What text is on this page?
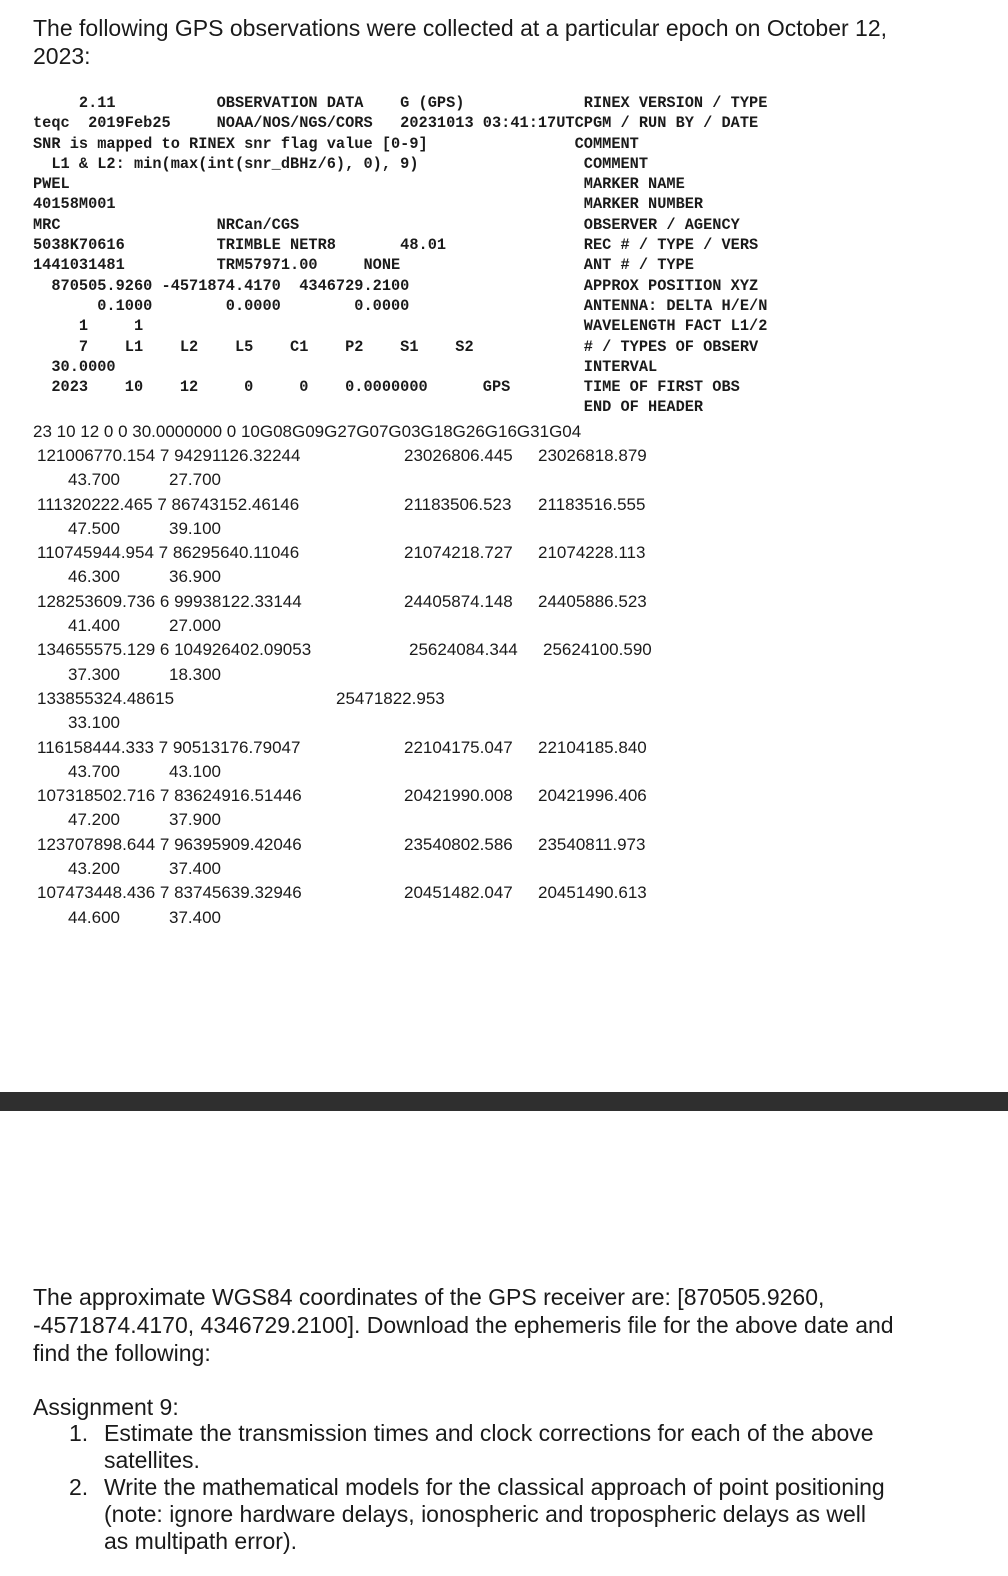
The following GPS observations were collected at a particular epoch on October 12, 2023:

2.11           OBSERVATION DATA    G (GPS)             RINEX VERSION / TYPE
teqc  2019Feb25     NOAA/NOS/NGS/CORS   20231013 03:41:17UTCPGM / RUN BY / DATE
SNR is mapped to RINEX snr flag value [0-9]                COMMENT
L1 & L2: min(max(int(snr_dBHz/6), 0), 9)                  COMMENT
PWEL                                                        MARKER NAME
40158M001                                                   MARKER NUMBER
MRC                 NRCan/CGS                               OBSERVER / AGENCY
5038K70616          TRIMBLE NETR8       48.01               REC # / TYPE / VERS
1441031481          TRM57971.00     NONE                    ANT # / TYPE
870505.9260 -4571874.4170  4346729.2100                   APPROX POSITION XYZ
0.1000        0.0000        0.0000                   ANTENNA: DELTA H/E/N
1     1                                                WAVELENGTH FACT L1/2
7    L1    L2    L5    C1    P2    S1    S2            # / TYPES OF OBSERV
30.0000                                                   INTERVAL
2023    10    12     0     0    0.0000000      GPS        TIME OF FIRST OBS
END OF HEADER

23 10 12 0 0 30.0000000 0 10G08G09G27G07G03G18G26G16G31G04

121006770.154 7 94291126.32244	23026806.445 23026818.879
43.700	27.700
111320222.465 7 86743152.46146	21183506.523 21183516.555
47.500	39.100
110745944.954 7 86295640.11046	21074218.727 21074228.113
46.300	36.900
128253609.736 6 99938122.33144	24405874.148 24405886.523
41.400	27.000
134655575.129 6 104926402.09053	25624084.344 25624100.590
37.300	18.300
133855324.48615	25471822.953
33.100
116158444.333 7 90513176.79047	22104175.047 22104185.840
43.700	43.100
107318502.716 7 83624916.51446	20421990.008 20421996.406
47.200	37.900
123707898.644 7 96395909.42046	23540802.586 23540811.973
43.200	37.400
107473448.436 7 83745639.32946	20451482.047 20451490.613
44.600	37.400

The approximate WGS84 coordinates of the GPS receiver are: [870505.9260, -4571874.4170, 4346729.2100]. Download the ephemeris file for the above date and find the following:

Assignment 9:

1. Estimate the transmission times and clock corrections for each of the above satellites.
2. Write the mathematical models for the classical approach of point positioning (note: ignore hardware delays, ionospheric and tropospheric delays as well as multipath error).
